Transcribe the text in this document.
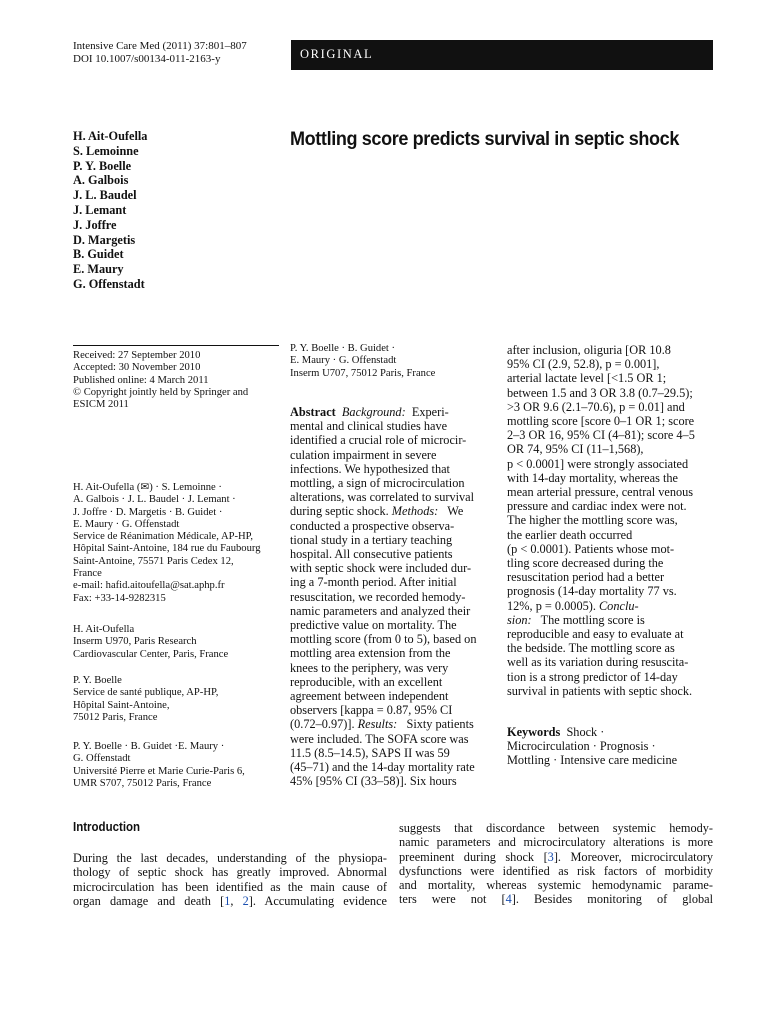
Intensive Care Med (2011) 37:801–807
DOI 10.1007/s00134-011-2163-y	ORIGINAL
H. Ait-Oufella
S. Lemoinne
P. Y. Boelle
A. Galbois
J. L. Baudel
J. Lemant
J. Joffre
D. Margetis
B. Guidet
E. Maury
G. Offenstadt
Mottling score predicts survival in septic shock
Received: 27 September 2010
Accepted: 30 November 2010
Published online: 4 March 2011
© Copyright jointly held by Springer and
ESICM 2011
H. Ait-Oufella (✉) · S. Lemoinne ·
A. Galbois · J. L. Baudel · J. Lemant ·
J. Joffre · D. Margetis · B. Guidet ·
E. Maury · G. Offenstadt
Service de Réanimation Médicale, AP-HP,
Hôpital Saint-Antoine, 184 rue du Faubourg
Saint-Antoine, 75571 Paris Cedex 12,
France
e-mail: hafid.aitoufella@sat.aphp.fr
Fax: +33-14-9282315
H. Ait-Oufella
Inserm U970, Paris Research
Cardiovascular Center, Paris, France
P. Y. Boelle
Service de santé publique, AP-HP,
Hôpital Saint-Antoine,
75012 Paris, France
P. Y. Boelle · B. Guidet ·E. Maury ·
G. Offenstadt
Université Pierre et Marie Curie-Paris 6,
UMR S707, 75012 Paris, France
P. Y. Boelle · B. Guidet ·
E. Maury · G. Offenstadt
Inserm U707, 75012 Paris, France
Abstract Background: Experi-
mental and clinical studies have
identified a crucial role of microcir-
culation impairment in severe
infections. We hypothesized that
mottling, a sign of microcirculation
alterations, was correlated to survival
during septic shock. Methods: We
conducted a prospective observa-
tional study in a tertiary teaching
hospital. All consecutive patients
with septic shock were included dur-
ing a 7-month period. After initial
resuscitation, we recorded hemody-
namic parameters and analyzed their
predictive value on mortality. The
mottling score (from 0 to 5), based on
mottling area extension from the
knees to the periphery, was very
reproducible, with an excellent
agreement between independent
observers [kappa = 0.87, 95% CI
(0.72–0.97)]. Results: Sixty patients
were included. The SOFA score was
11.5 (8.5–14.5), SAPS II was 59
(45–71) and the 14-day mortality rate
45% [95% CI (33–58)]. Six hours
after inclusion, oliguria [OR 10.8
95% CI (2.9, 52.8), p = 0.001],
arterial lactate level [<1.5 OR 1;
between 1.5 and 3 OR 3.8 (0.7–29.5);
>3 OR 9.6 (2.1–70.6), p = 0.01] and
mottling score [score 0–1 OR 1; score
2–3 OR 16, 95% CI (4–81); score 4–5
OR 74, 95% CI (11–1,568),
p < 0.0001] were strongly associated
with 14-day mortality, whereas the
mean arterial pressure, central venous
pressure and cardiac index were not.
The higher the mottling score was,
the earlier death occurred
(p < 0.0001). Patients whose mot-
tling score decreased during the
resuscitation period had a better
prognosis (14-day mortality 77 vs.
12%, p = 0.0005). Conclu-
sion: The mottling score is
reproducible and easy to evaluate at
the bedside. The mottling score as
well as its variation during resuscita-
tion is a strong predictor of 14-day
survival in patients with septic shock.
Keywords Shock ·
Microcirculation · Prognosis ·
Mottling · Intensive care medicine
Introduction
During the last decades, understanding of the physiopa-
thology of septic shock has greatly improved. Abnormal
microcirculation has been identified as the main cause of
organ damage and death [1, 2]. Accumulating evidence
suggests that discordance between systemic hemody-
namic parameters and microcirculatory alterations is more
preeminent during shock [3]. Moreover, microcirculatory
dysfunctions were identified as risk factors of morbidity
and mortality, whereas systemic hemodynamic parame-
ters were not [4]. Besides monitoring of global
